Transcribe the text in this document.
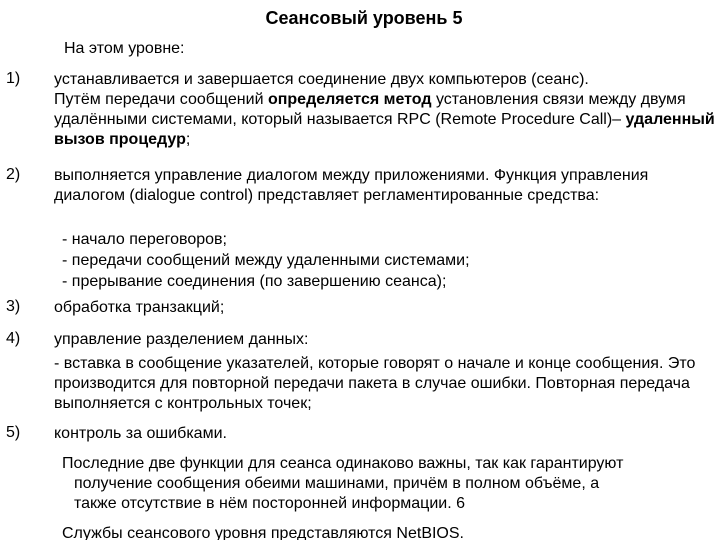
Сеансовый уровень 5
На этом уровне:
1) устанавливается и завершается соединение двух компьютеров (сеанс).
Путём передачи сообщений определяется метод установления связи между двумя удалёнными системами, который называется RPC (Remote Procedure Call)– удаленный вызов процедур;
2) выполняется управление диалогом между приложениями. Функция управления диалогом (dialogue control) представляет регламентированные средства:
- начало переговоров;
- передачи сообщений между удаленными системами;
- прерывание соединения (по завершению сеанса);
3) обработка транзакций;
4) управление разделением данных:
- вставка в сообщение указателей, которые говорят о начале и конце сообщения. Это производится для повторной передачи пакета в случае ошибки. Повторная передача выполняется с контрольных точек;
5) контроль за ошибками.
Последние две функции для сеанса одинаково важны, так как гарантируют
получение сообщения обеими машинами, причём в полном объёме, а
также отсутствие в нём посторонней информации. 6
Службы сеансового уровня представляются NetBIOS.
